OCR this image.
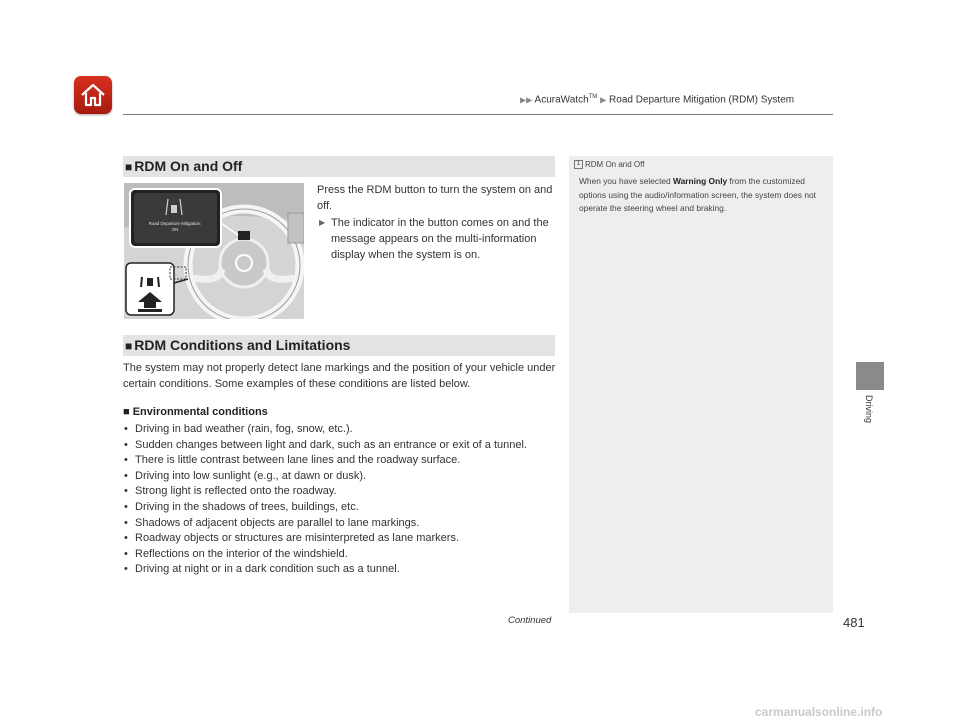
▶▶ AcuraWatch™ ▶ Road Departure Mitigation (RDM) System
Driving
■ RDM On and Off
Road Departure Mitigation:
ON
Press the RDM button to turn the system on and off.
▶ The indicator in the button comes on and the message appears on the multi-information display when the system is on.
■ RDM Conditions and Limitations
The system may not properly detect lane markings and the position of your vehicle under certain conditions. Some examples of these conditions are listed below.
■ Environmental conditions
• Driving in bad weather (rain, fog, snow, etc.).
• Sudden changes between light and dark, such as an entrance or exit of a tunnel.
• There is little contrast between lane lines and the roadway surface.
• Driving into low sunlight (e.g., at dawn or dusk).
• Strong light is reflected onto the roadway.
• Driving in the shadows of trees, buildings, etc.
• Shadows of adjacent objects are parallel to lane markings.
• Roadway objects or structures are misinterpreted as lane markers.
• Reflections on the interior of the windshield.
• Driving at night or in a dark condition such as a tunnel.
1 RDM On and Off
When you have selected Warning Only from the customized options using the audio/information screen, the system does not operate the steering wheel and braking.
Continued	481
carmanualsonline.info
